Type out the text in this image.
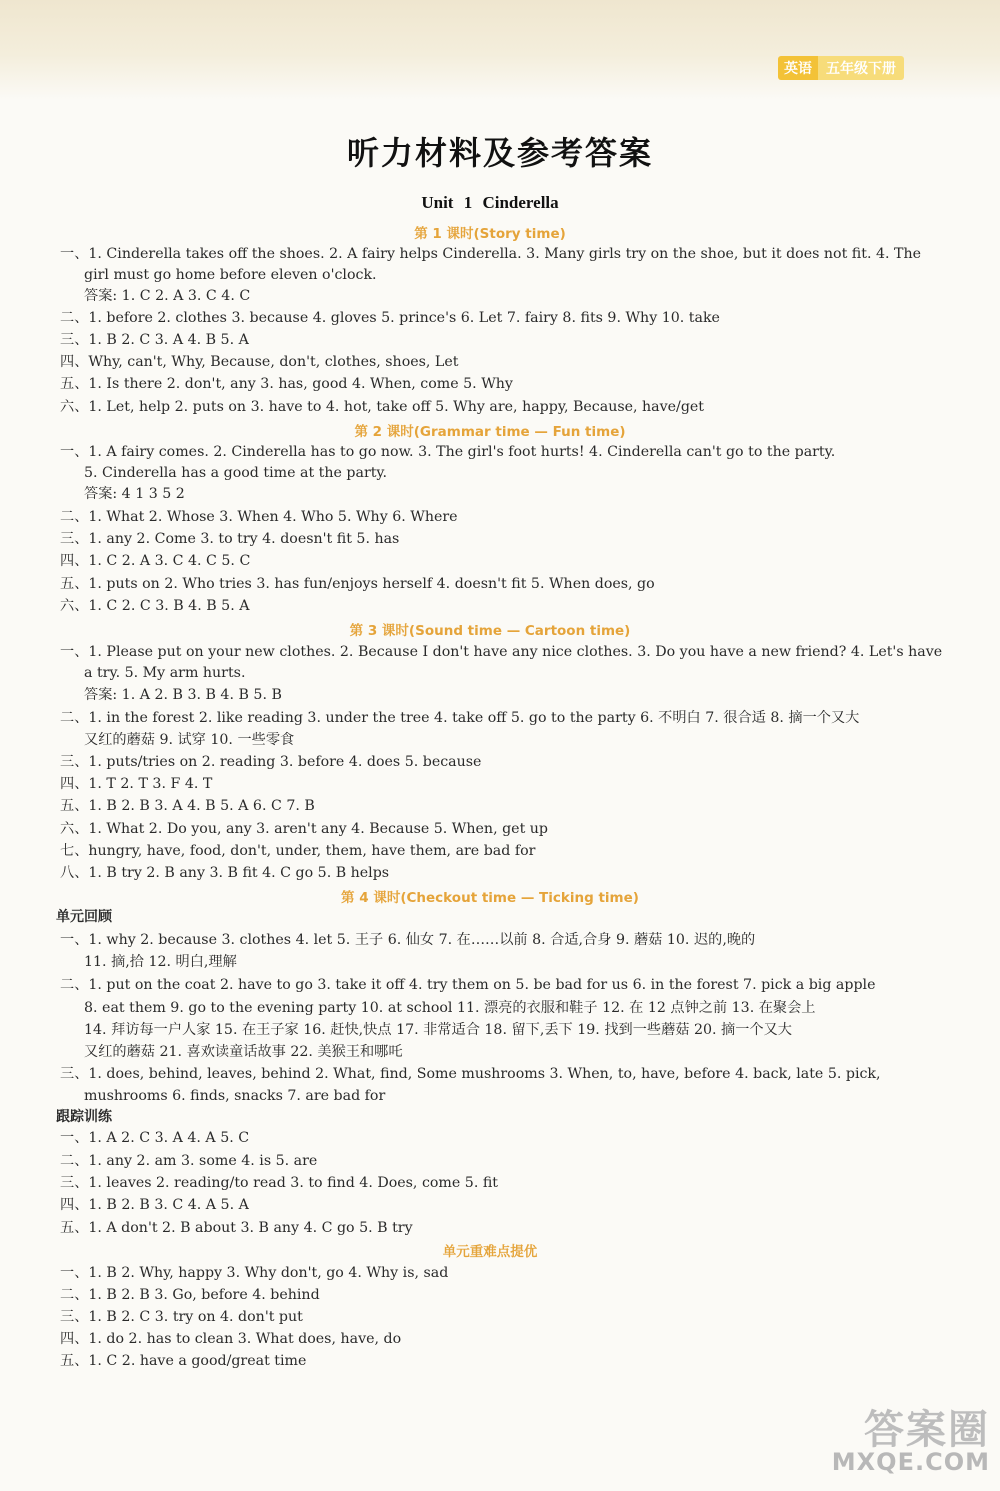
英语	五年级下册
听力材料及参考答案
Unit 1 Cinderella
第 1 课时(Story time)
一、1. Cinderella takes off the shoes. 2. A fairy helps Cinderella. 3. Many girls try on the shoe, but it does not fit. 4. The
girl must go home before eleven o'clock.
答案: 1. C 2. A 3. C 4. C
二、1. before 2. clothes 3. because 4. gloves 5. prince's 6. Let 7. fairy 8. fits 9. Why 10. take
三、1. B 2. C 3. A 4. B 5. A
四、Why, can't, Why, Because, don't, clothes, shoes, Let
五、1. Is there 2. don't, any 3. has, good 4. When, come 5. Why
六、1. Let, help 2. puts on 3. have to 4. hot, take off 5. Why are, happy, Because, have/get
第 2 课时(Grammar time — Fun time)
一、1. A fairy comes. 2. Cinderella has to go now. 3. The girl's foot hurts! 4. Cinderella can't go to the party.
5. Cinderella has a good time at the party.
答案: 4 1 3 5 2
二、1. What 2. Whose 3. When 4. Who 5. Why 6. Where
三、1. any 2. Come 3. to try 4. doesn't fit 5. has
四、1. C 2. A 3. C 4. C 5. C
五、1. puts on 2. Who tries 3. has fun/enjoys herself 4. doesn't fit 5. When does, go
六、1. C 2. C 3. B 4. B 5. A
第 3 课时(Sound time — Cartoon time)
一、1. Please put on your new clothes. 2. Because I don't have any nice clothes. 3. Do you have a new friend? 4. Let's have
a try. 5. My arm hurts.
答案: 1. A 2. B 3. B 4. B 5. B
二、1. in the forest 2. like reading 3. under the tree 4. take off 5. go to the party 6. 不明白 7. 很合适 8. 摘一个又大
又红的蘑菇 9. 试穿 10. 一些零食
三、1. puts/tries on 2. reading 3. before 4. does 5. because
四、1. T 2. T 3. F 4. T
五、1. B 2. B 3. A 4. B 5. A 6. C 7. B
六、1. What 2. Do you, any 3. aren't any 4. Because 5. When, get up
七、hungry, have, food, don't, under, them, have them, are bad for
八、1. B try 2. B any 3. B fit 4. C go 5. B helps
第 4 课时(Checkout time — Ticking time)
单元回顾
一、1. why 2. because 3. clothes 4. let 5. 王子 6. 仙女 7. 在……以前 8. 合适,合身 9. 蘑菇 10. 迟的,晚的
11. 摘,拾 12. 明白,理解
二、1. put on the coat 2. have to go 3. take it off 4. try them on 5. be bad for us 6. in the forest 7. pick a big apple
8. eat them 9. go to the evening party 10. at school 11. 漂亮的衣服和鞋子 12. 在 12 点钟之前 13. 在聚会上
14. 拜访每一户人家 15. 在王子家 16. 赶快,快点 17. 非常适合 18. 留下,丢下 19. 找到一些蘑菇 20. 摘一个又大
又红的蘑菇 21. 喜欢读童话故事 22. 美猴王和哪吒
三、1. does, behind, leaves, behind 2. What, find, Some mushrooms 3. When, to, have, before 4. back, late 5. pick,
mushrooms 6. finds, snacks 7. are bad for
跟踪训练
一、1. A 2. C 3. A 4. A 5. C
二、1. any 2. am 3. some 4. is 5. are
三、1. leaves 2. reading/to read 3. to find 4. Does, come 5. fit
四、1. B 2. B 3. C 4. A 5. A
五、1. A don't 2. B about 3. B any 4. C go 5. B try
单元重难点提优
一、1. B 2. Why, happy 3. Why don't, go 4. Why is, sad
二、1. B 2. B 3. Go, before 4. behind
三、1. B 2. C 3. try on 4. don't put
四、1. do 2. has to clean 3. What does, have, do
五、1. C 2. have a good/great time
答案圈
MXQE.COM
